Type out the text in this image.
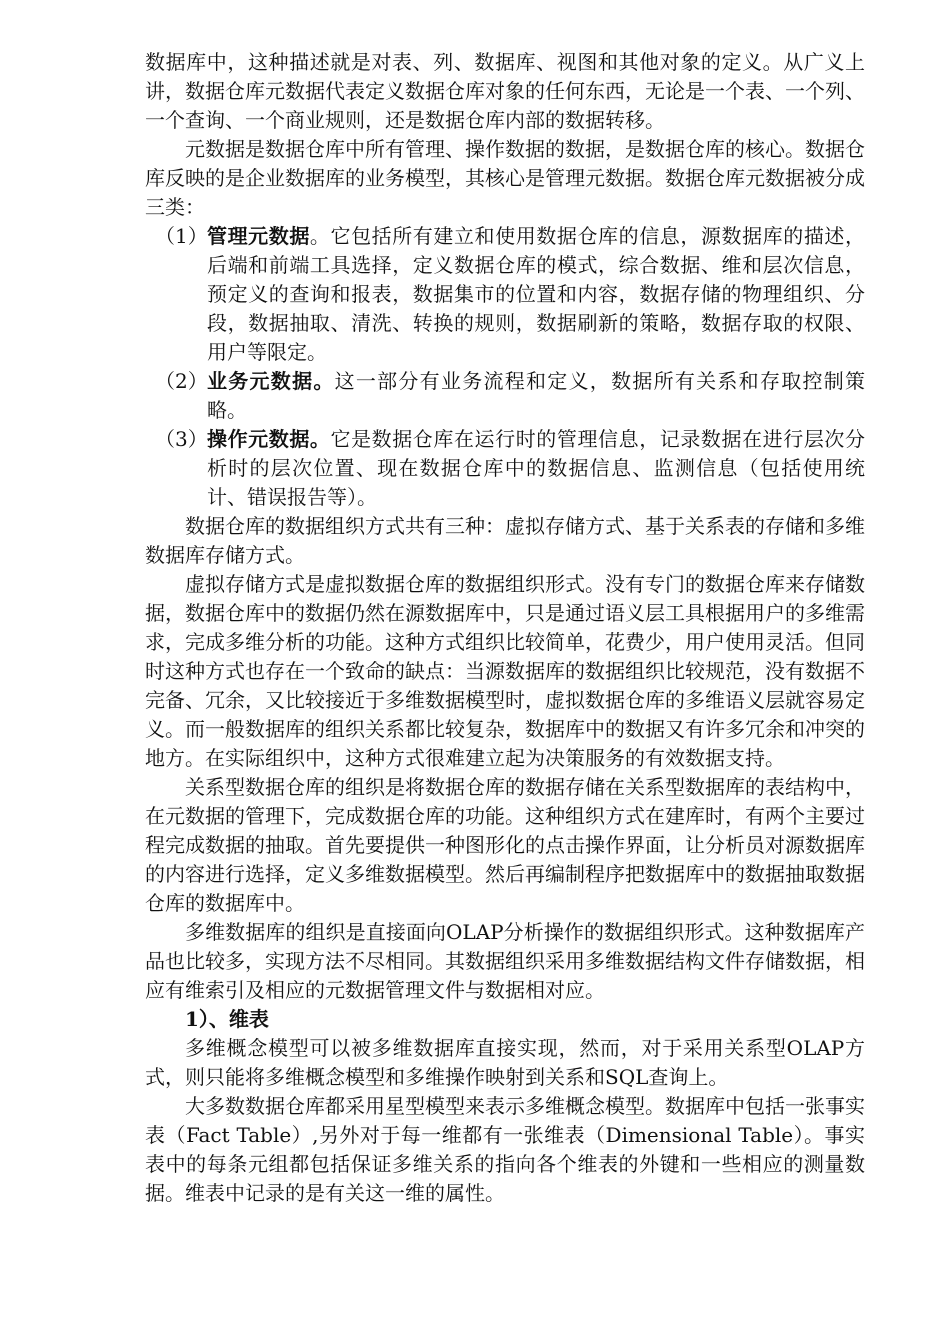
数据库中，这种描述就是对表、列、数据库、视图和其他对象的定义。从广义上讲，数据仓库元数据代表定义数据仓库对象的任何东西，无论是一个表、一个列、一个查询、一个商业规则，还是数据仓库内部的数据转移。

元数据是数据仓库中所有管理、操作数据的数据，是数据仓库的核心。数据仓库反映的是企业数据库的业务模型，其核心是管理元数据。数据仓库元数据被分成三类：

（1） 管理元数据。它包括所有建立和使用数据仓库的信息，源数据库的描述，后端和前端工具选择，定义数据仓库的模式，综合数据、维和层次信息，预定义的查询和报表，数据集市的位置和内容，数据存储的物理组织、分段，数据抽取、清洗、转换的规则，数据刷新的策略，数据存取的权限、用户等限定。

（2） 业务元数据。这一部分有业务流程和定义，数据所有关系和存取控制策略。

（3） 操作元数据。它是数据仓库在运行时的管理信息，记录数据在进行层次分析时的层次位置、现在数据仓库中的数据信息、监测信息（包括使用统计、错误报告等）。

数据仓库的数据组织方式共有三种：虚拟存储方式、基于关系表的存储和多维数据库存储方式。

虚拟存储方式是虚拟数据仓库的数据组织形式。没有专门的数据仓库来存储数据，数据仓库中的数据仍然在源数据库中，只是通过语义层工具根据用户的多维需求，完成多维分析的功能。这种方式组织比较简单，花费少，用户使用灵活。但同时这种方式也存在一个致命的缺点：当源数据库的数据组织比较规范，没有数据不完备、冗余，又比较接近于多维数据模型时，虚拟数据仓库的多维语义层就容易定义。而一般数据库的组织关系都比较复杂，数据库中的数据又有许多冗余和冲突的地方。在实际组织中，这种方式很难建立起为决策服务的有效数据支持。

关系型数据仓库的组织是将数据仓库的数据存储在关系型数据库的表结构中，在元数据的管理下，完成数据仓库的功能。这种组织方式在建库时，有两个主要过程完成数据的抽取。首先要提供一种图形化的点击操作界面，让分析员对源数据库的内容进行选择，定义多维数据模型。然后再编制程序把数据库中的数据抽取数据仓库的数据库中。

多维数据库的组织是直接面向OLAP分析操作的数据组织形式。这种数据库产品也比较多，实现方法不尽相同。其数据组织采用多维数据结构文件存储数据，相应有维索引及相应的元数据管理文件与数据相对应。

1）、维表

多维概念模型可以被多维数据库直接实现，然而，对于采用关系型OLAP方式，则只能将多维概念模型和多维操作映射到关系和SQL查询上。

大多数数据仓库都采用星型模型来表示多维概念模型。数据库中包括一张事实表（Fact Table）,另外对于每一维都有一张维表（Dimensional Table）。事实表中的每条元组都包括保证多维关系的指向各个维表的外键和一些相应的测量数据。维表中记录的是有关这一维的属性。
